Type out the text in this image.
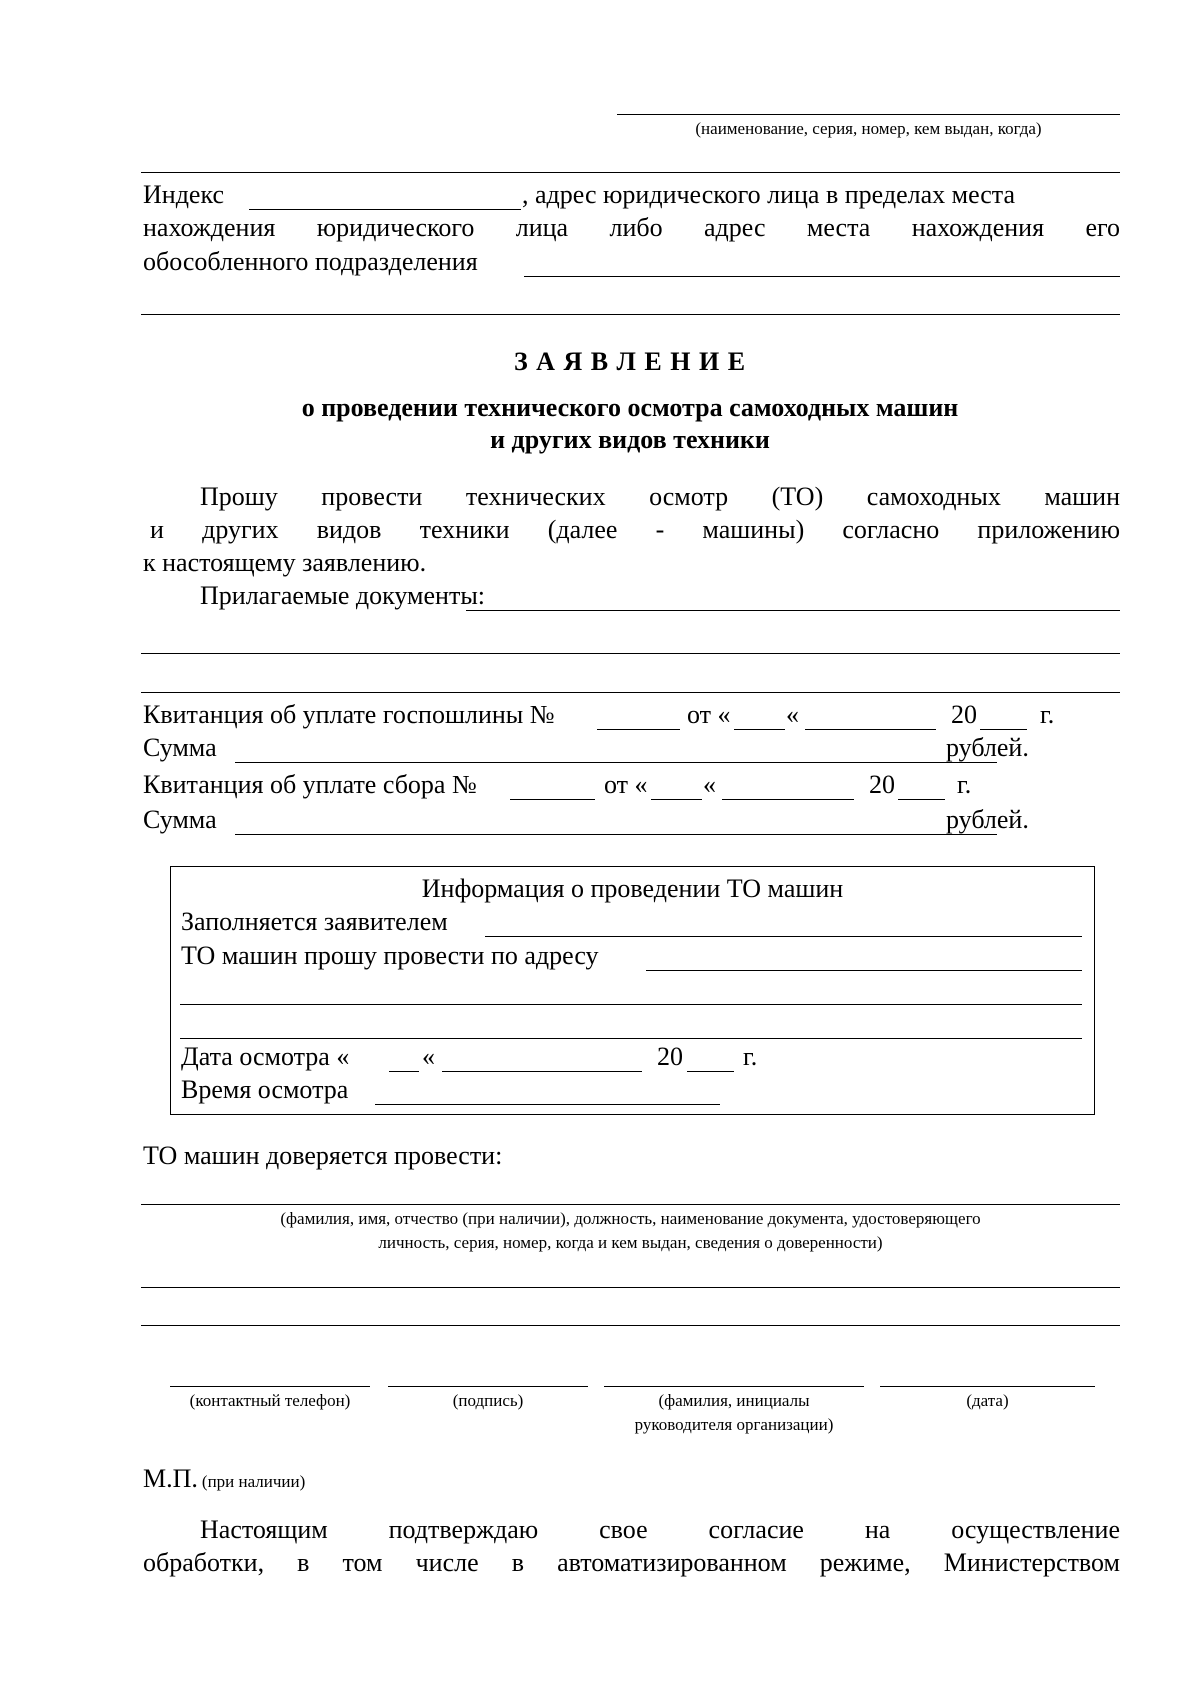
(наименование, серия, номер, кем выдан, когда)
Индекс	, адрес юридического лица в пределах места
нахождения юридического лица либо адрес места нахождения его
обособленного подразделения
З А Я В Л Е Н И Е
о проведении технического осмотра самоходных машин
и других видов техники
Прошу провести технических осмотр (ТО) самоходных машин
и других видов техники (далее - машины) согласно приложению
к настоящему заявлению.
Прилагаемые документы:
Квитанция об уплате госпошлины №	от « «	20 г.
Сумма	рублей.
Квитанция об уплате сбора №	от « «	20 г.
Сумма	рублей.
Информация о проведении ТО машин
Заполняется заявителем
ТО машин прошу провести по адресу
Дата осмотра «	«	20 г.
Время осмотра
ТО машин доверяется провести:
(фамилия, имя, отчество (при наличии), должность, наименование документа, удостоверяющего
личность, серия, номер, когда и кем выдан, сведения о доверенности)
(контактный телефон)	(подпись)	(фамилия, инициалы
руководителя организации)
(дата)
М.П. (при наличии)
Настоящим подтверждаю свое согласие на осуществление
обработки, в том числе в автоматизированном режиме, Министерством
